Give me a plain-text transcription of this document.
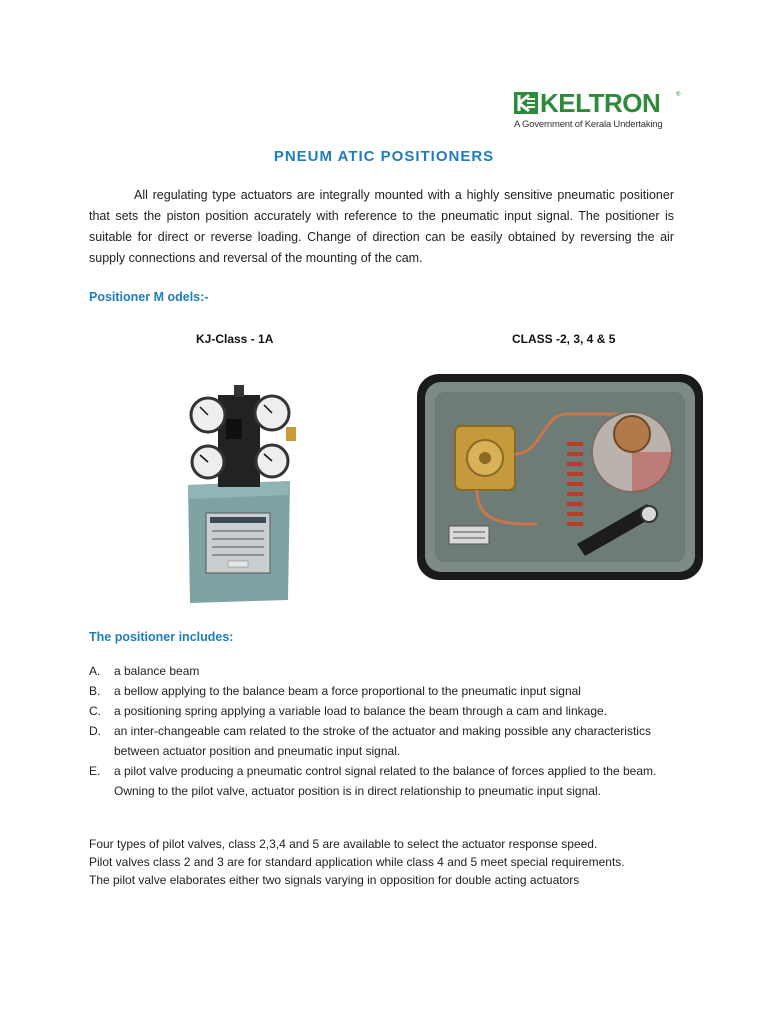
KELTRON	®
A Government of Kerala Undertaking
PNEUM ATIC POSITIONERS
All regulating type actuators are integrally mounted with a highly sensitive pneumatic positioner that sets the piston position accurately with reference to the pneumatic input signal. The positioner is suitable for direct or reverse loading. Change of direction can be easily obtained by reversing the air supply connections and reversal of the mounting of the cam.
Positioner M odels:-
KJ-Class - 1A	CLASS -2, 3, 4 & 5
The positioner includes:
A. a balance beam
B. a bellow applying to the balance beam a force proportional to the pneumatic input signal
C. a positioning spring applying a variable load to balance the beam through a cam and linkage.
D. an inter-changeable cam related to the stroke of the actuator and making possible any characteristics between actuator position and pneumatic input signal.
E. a pilot valve producing a pneumatic control signal related to the balance of forces applied to the beam. Owning to the pilot valve, actuator position is in direct relationship to pneumatic input signal.
Four types of pilot valves, class 2,3,4 and 5 are available to select the actuator response speed.
Pilot valves class 2 and 3 are for standard application while class 4 and 5 meet special requirements.
The pilot valve elaborates either two signals varying in opposition for double acting actuators
